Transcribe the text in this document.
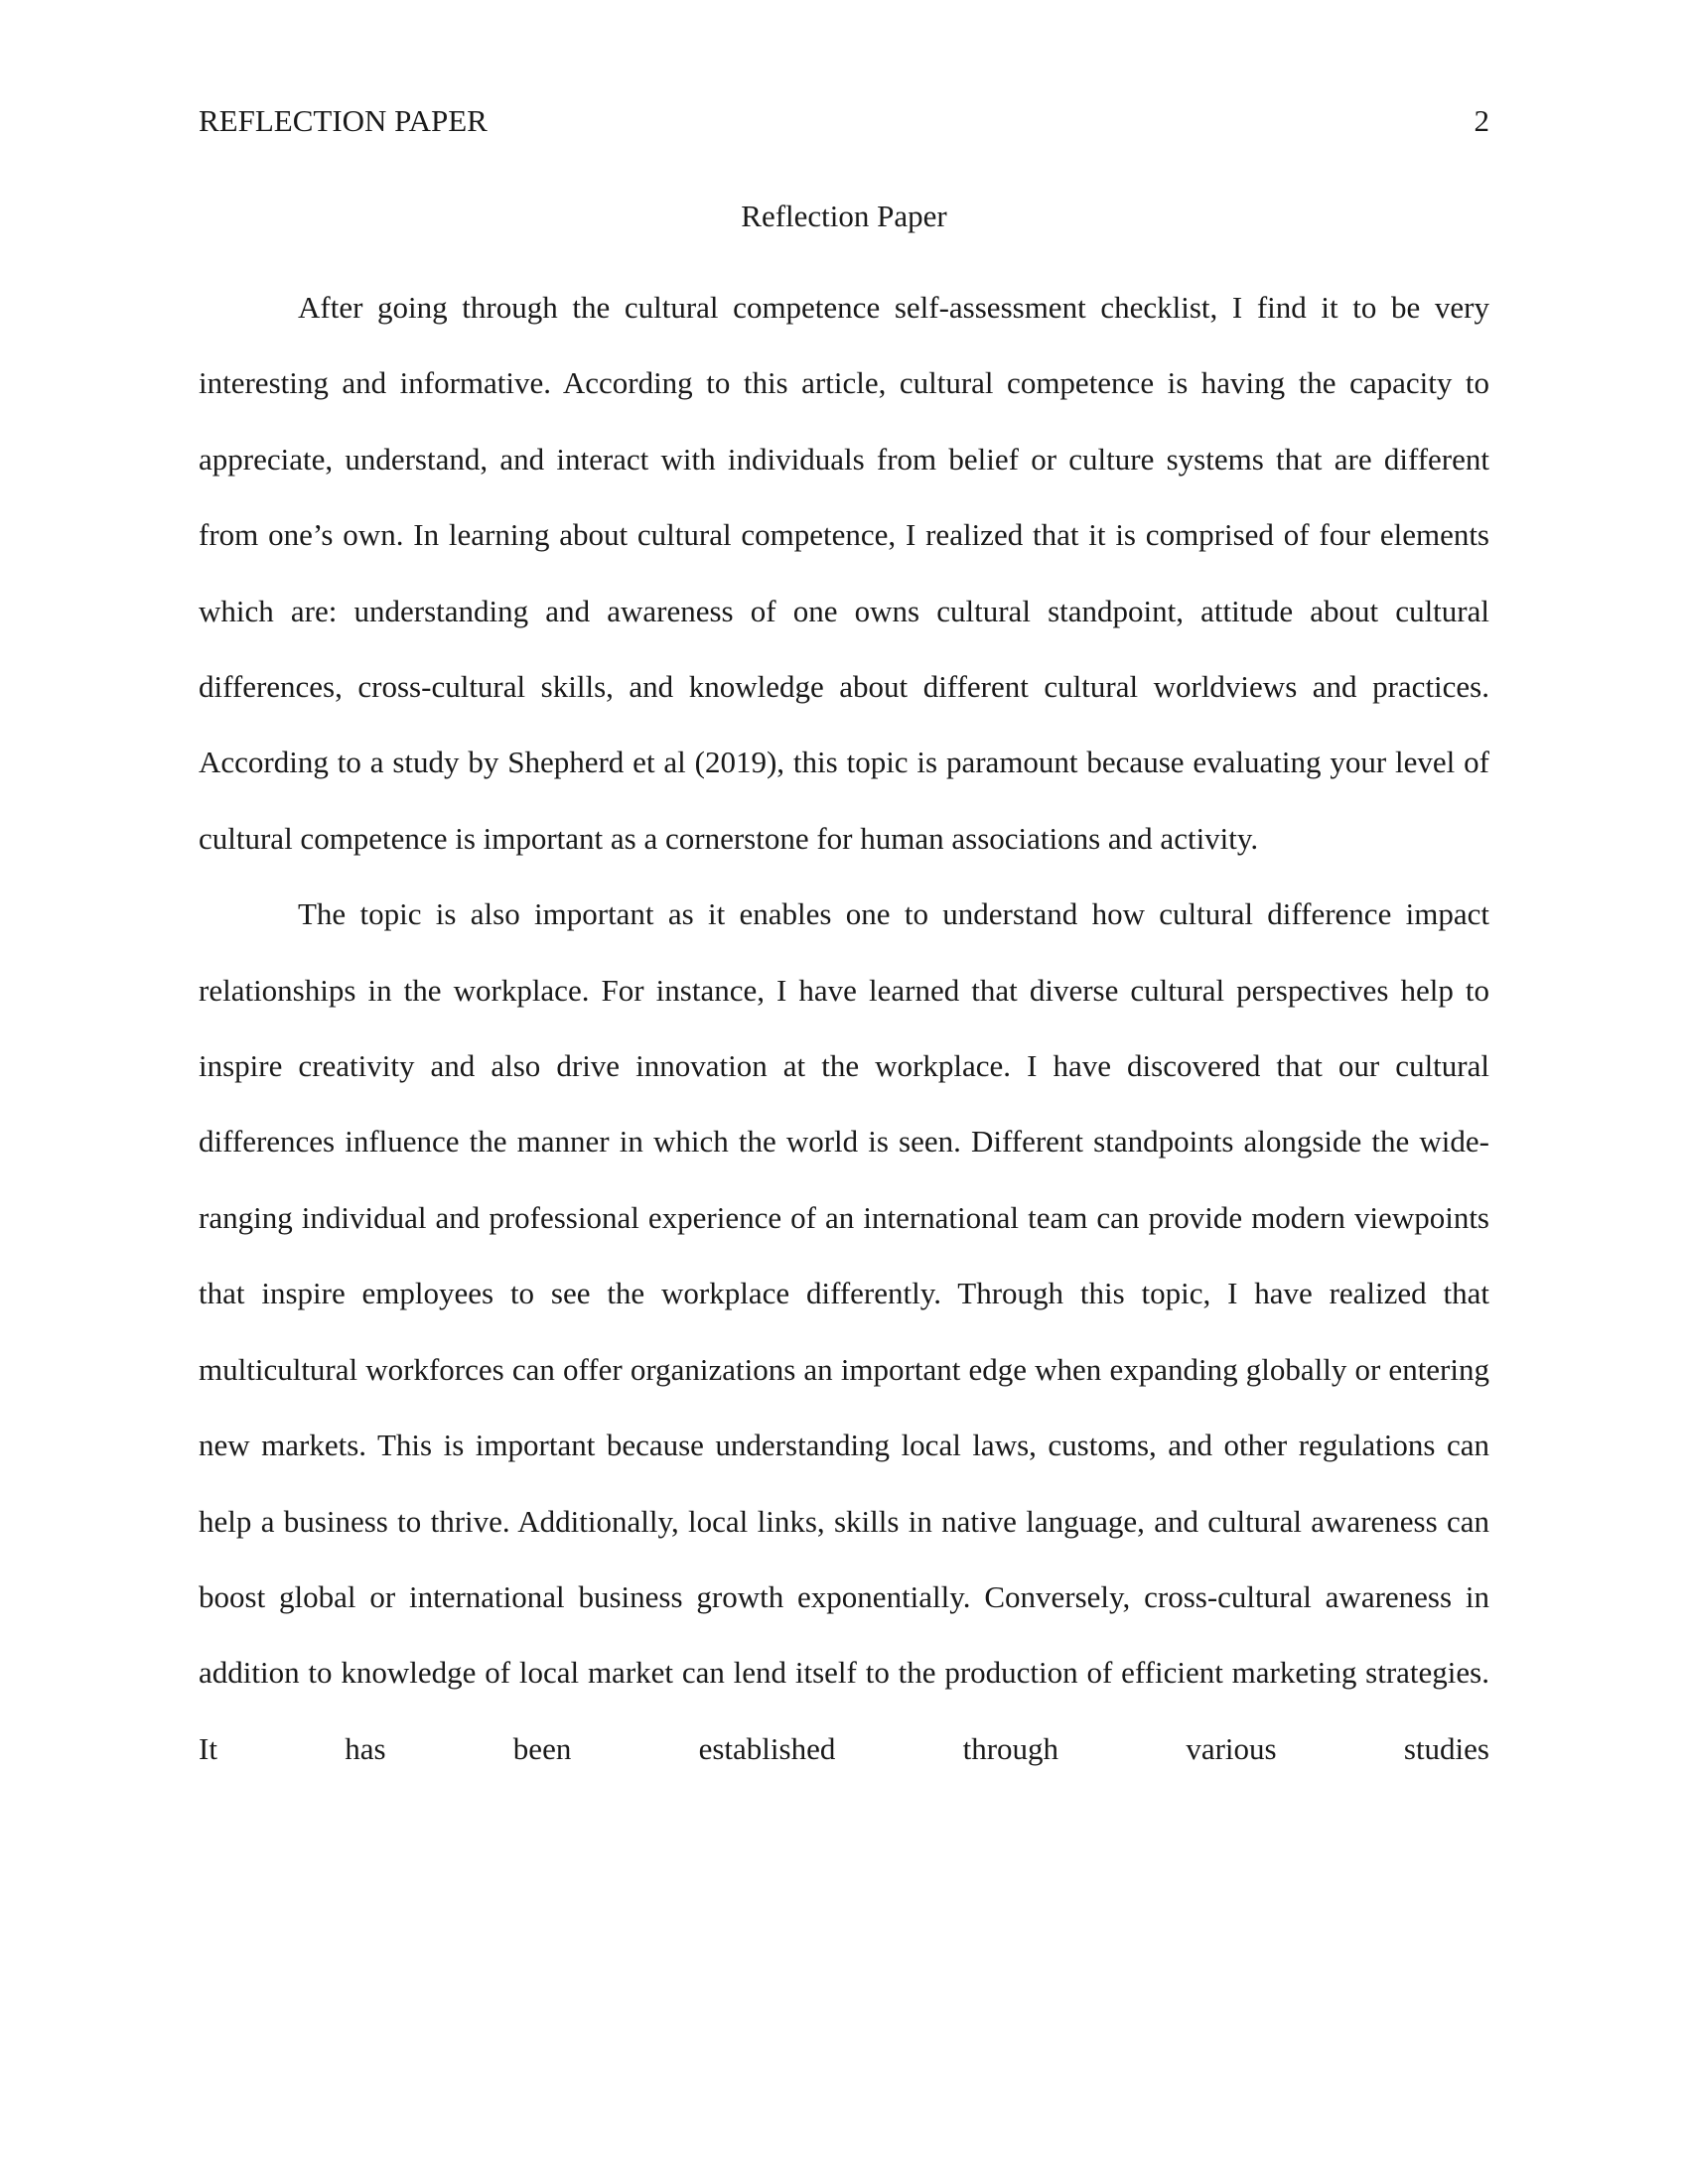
REFLECTION PAPER	2
Reflection Paper

After going through the cultural competence self-assessment checklist, I find it to be very interesting and informative. According to this article, cultural competence is having the capacity to appreciate, understand, and interact with individuals from belief or culture systems that are different from one’s own. In learning about cultural competence, I realized that it is comprised of four elements which are: understanding and awareness of one owns cultural standpoint, attitude about cultural differences, cross-cultural skills, and knowledge about different cultural worldviews and practices. According to a study by Shepherd et al (2019), this topic is paramount because evaluating your level of cultural competence is important as a cornerstone for human associations and activity.

The topic is also important as it enables one to understand how cultural difference impact relationships in the workplace. For instance, I have learned that diverse cultural perspectives help to inspire creativity and also drive innovation at the workplace. I have discovered that our cultural differences influence the manner in which the world is seen. Different standpoints alongside the wide-ranging individual and professional experience of an international team can provide modern viewpoints that inspire employees to see the workplace differently. Through this topic, I have realized that multicultural workforces can offer organizations an important edge when expanding globally or entering new markets. This is important because understanding local laws, customs, and other regulations can help a business to thrive. Additionally, local links, skills in native language, and cultural awareness can boost global or international business growth exponentially. Conversely, cross-cultural awareness in addition to knowledge of local market can lend itself to the production of efficient marketing strategies. It has been established through various studies
